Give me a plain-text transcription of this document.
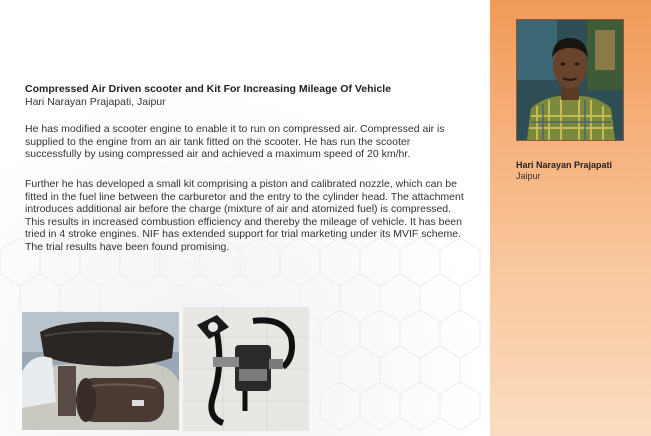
Hari Narayan Prajapati
Jaipur
Compressed Air Driven scooter and Kit For Increasing Mileage Of Vehicle
Hari Narayan Prajapati, Jaipur

He has modified a scooter engine to enable it to run on compressed air. Compressed air is supplied to the engine from an air tank fitted on the scooter. He has run the scooter successfully by using compressed air and achieved a maximum speed of 20 km/hr.

Further he has developed a small kit comprising a piston and calibrated nozzle, which can be fitted in the fuel line between the carburetor and the entry to the cylinder head. The attachment introduces additional air before the charge (mixture of air and atomized fuel) is compressed. This results in increased combustion efficiency and thereby the mileage of vehicle. It has been tried in 4 stroke engines. NIF has extended support for trial marketing under its MVIF scheme. The trial results have been found promising.
